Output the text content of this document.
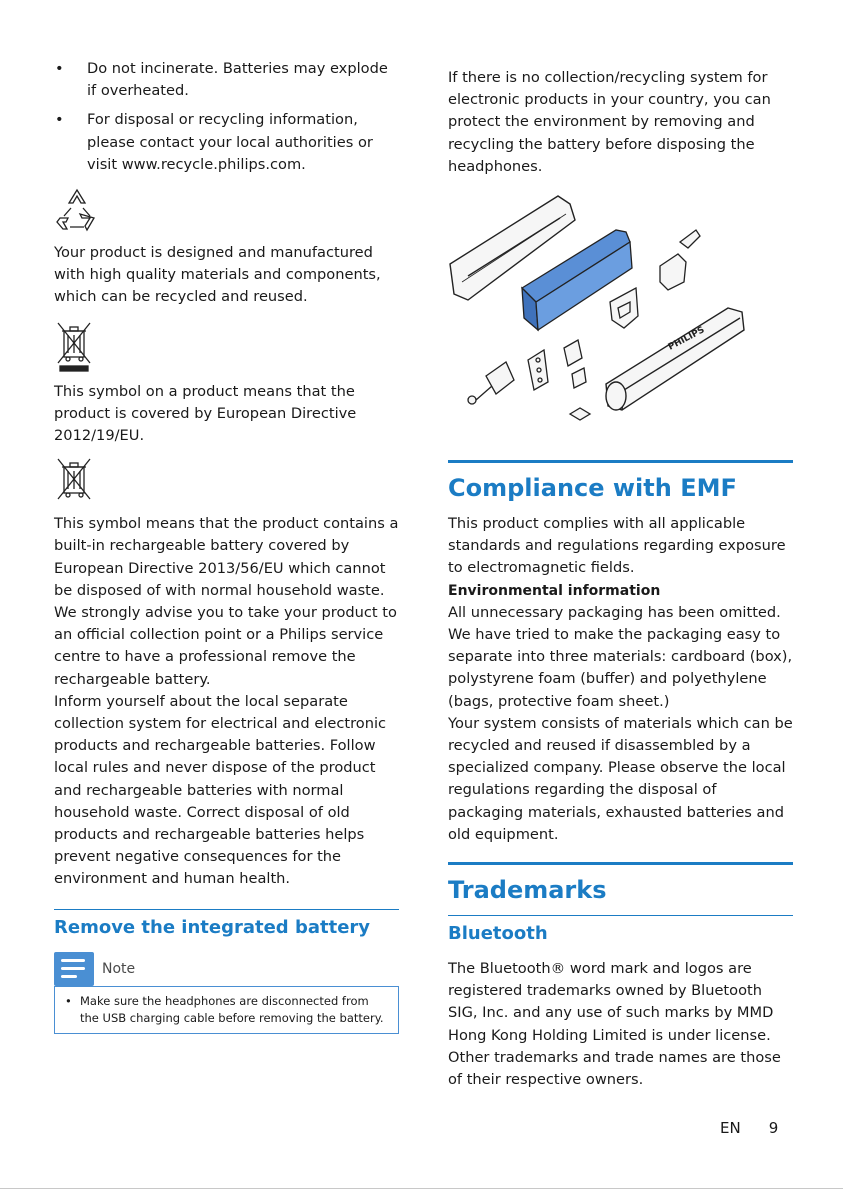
• Do not incinerate. Batteries may explode if overheated.
• For disposal or recycling information, please contact your local authorities or visit www.recycle.philips.com.

Your product is designed and manufactured with high quality materials and components, which can be recycled and reused.

This symbol on a product means that the product is covered by European Directive 2012/19/EU.

This symbol means that the product contains a built-in rechargeable battery covered by European Directive 2013/56/EU which cannot be disposed of with normal household waste. We strongly advise you to take your product to an official collection point or a Philips service centre to have a professional remove the rechargeable battery.

Inform yourself about the local separate collection system for electrical and electronic products and rechargeable batteries. Follow local rules and never dispose of the product and rechargeable batteries with normal household waste. Correct disposal of old products and rechargeable batteries helps prevent negative consequences for the environment and human health.

Remove the integrated battery
Note
• Make sure the headphones are disconnected from the USB charging cable before removing the battery.

If there is no collection/recycling system for electronic products in your country, you can protect the environment by removing and recycling the battery before disposing the headphones.

PHILIPS
Compliance with EMF

This product complies with all applicable standards and regulations regarding exposure to electromagnetic fields.

Environmental information

All unnecessary packaging has been omitted. We have tried to make the packaging easy to separate into three materials: cardboard (box), polystyrene foam (buffer) and polyethylene (bags, protective foam sheet.)

Your system consists of materials which can be recycled and reused if disassembled by a specialized company. Please observe the local regulations regarding the disposal of packaging materials, exhausted batteries and old equipment.

Trademarks
Bluetooth

The Bluetooth® word mark and logos are registered trademarks owned by Bluetooth SIG, Inc. and any use of such marks by MMD Hong Kong Holding Limited is under license. Other trademarks and trade names are those of their respective owners.

EN 9
